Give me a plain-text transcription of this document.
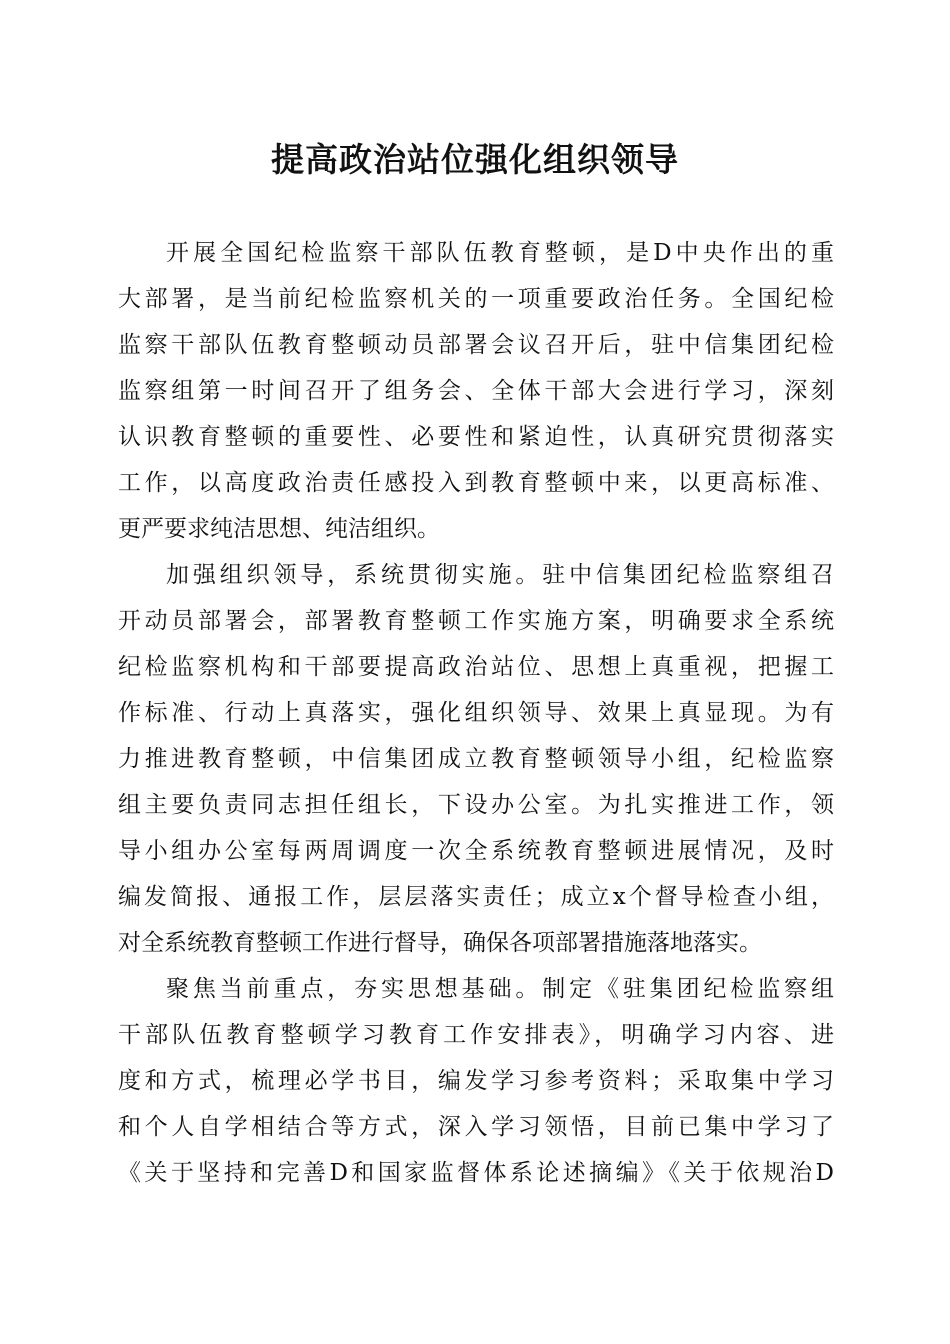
提高政治站位强化组织领导
开展全国纪检监察干部队伍教育整顿，是D中央作出的重
大部署，是当前纪检监察机关的一项重要政治任务。全国纪检
监察干部队伍教育整顿动员部署会议召开后，驻中信集团纪检
监察组第一时间召开了组务会、全体干部大会进行学习，深刻
认识教育整顿的重要性、必要性和紧迫性，认真研究贯彻落实
工作，以高度政治责任感投入到教育整顿中来，以更高标准、
更严要求纯洁思想、纯洁组织。
加强组织领导，系统贯彻实施。驻中信集团纪检监察组召
开动员部署会，部署教育整顿工作实施方案，明确要求全系统
纪检监察机构和干部要提高政治站位、思想上真重视，把握工
作标准、行动上真落实，强化组织领导、效果上真显现。为有
力推进教育整顿，中信集团成立教育整顿领导小组，纪检监察
组主要负责同志担任组长，下设办公室。为扎实推进工作，领
导小组办公室每两周调度一次全系统教育整顿进展情况，及时
编发简报、通报工作，层层落实责任；成立x个督导检查小组，
对全系统教育整顿工作进行督导，确保各项部署措施落地落实。
聚焦当前重点，夯实思想基础。制定《驻集团纪检监察组
干部队伍教育整顿学习教育工作安排表》，明确学习内容、进
度和方式，梳理必学书目，编发学习参考资料；采取集中学习
和个人自学相结合等方式，深入学习领悟，目前已集中学习了
《关于坚持和完善D和国家监督体系论述摘编》《关于依规治D
